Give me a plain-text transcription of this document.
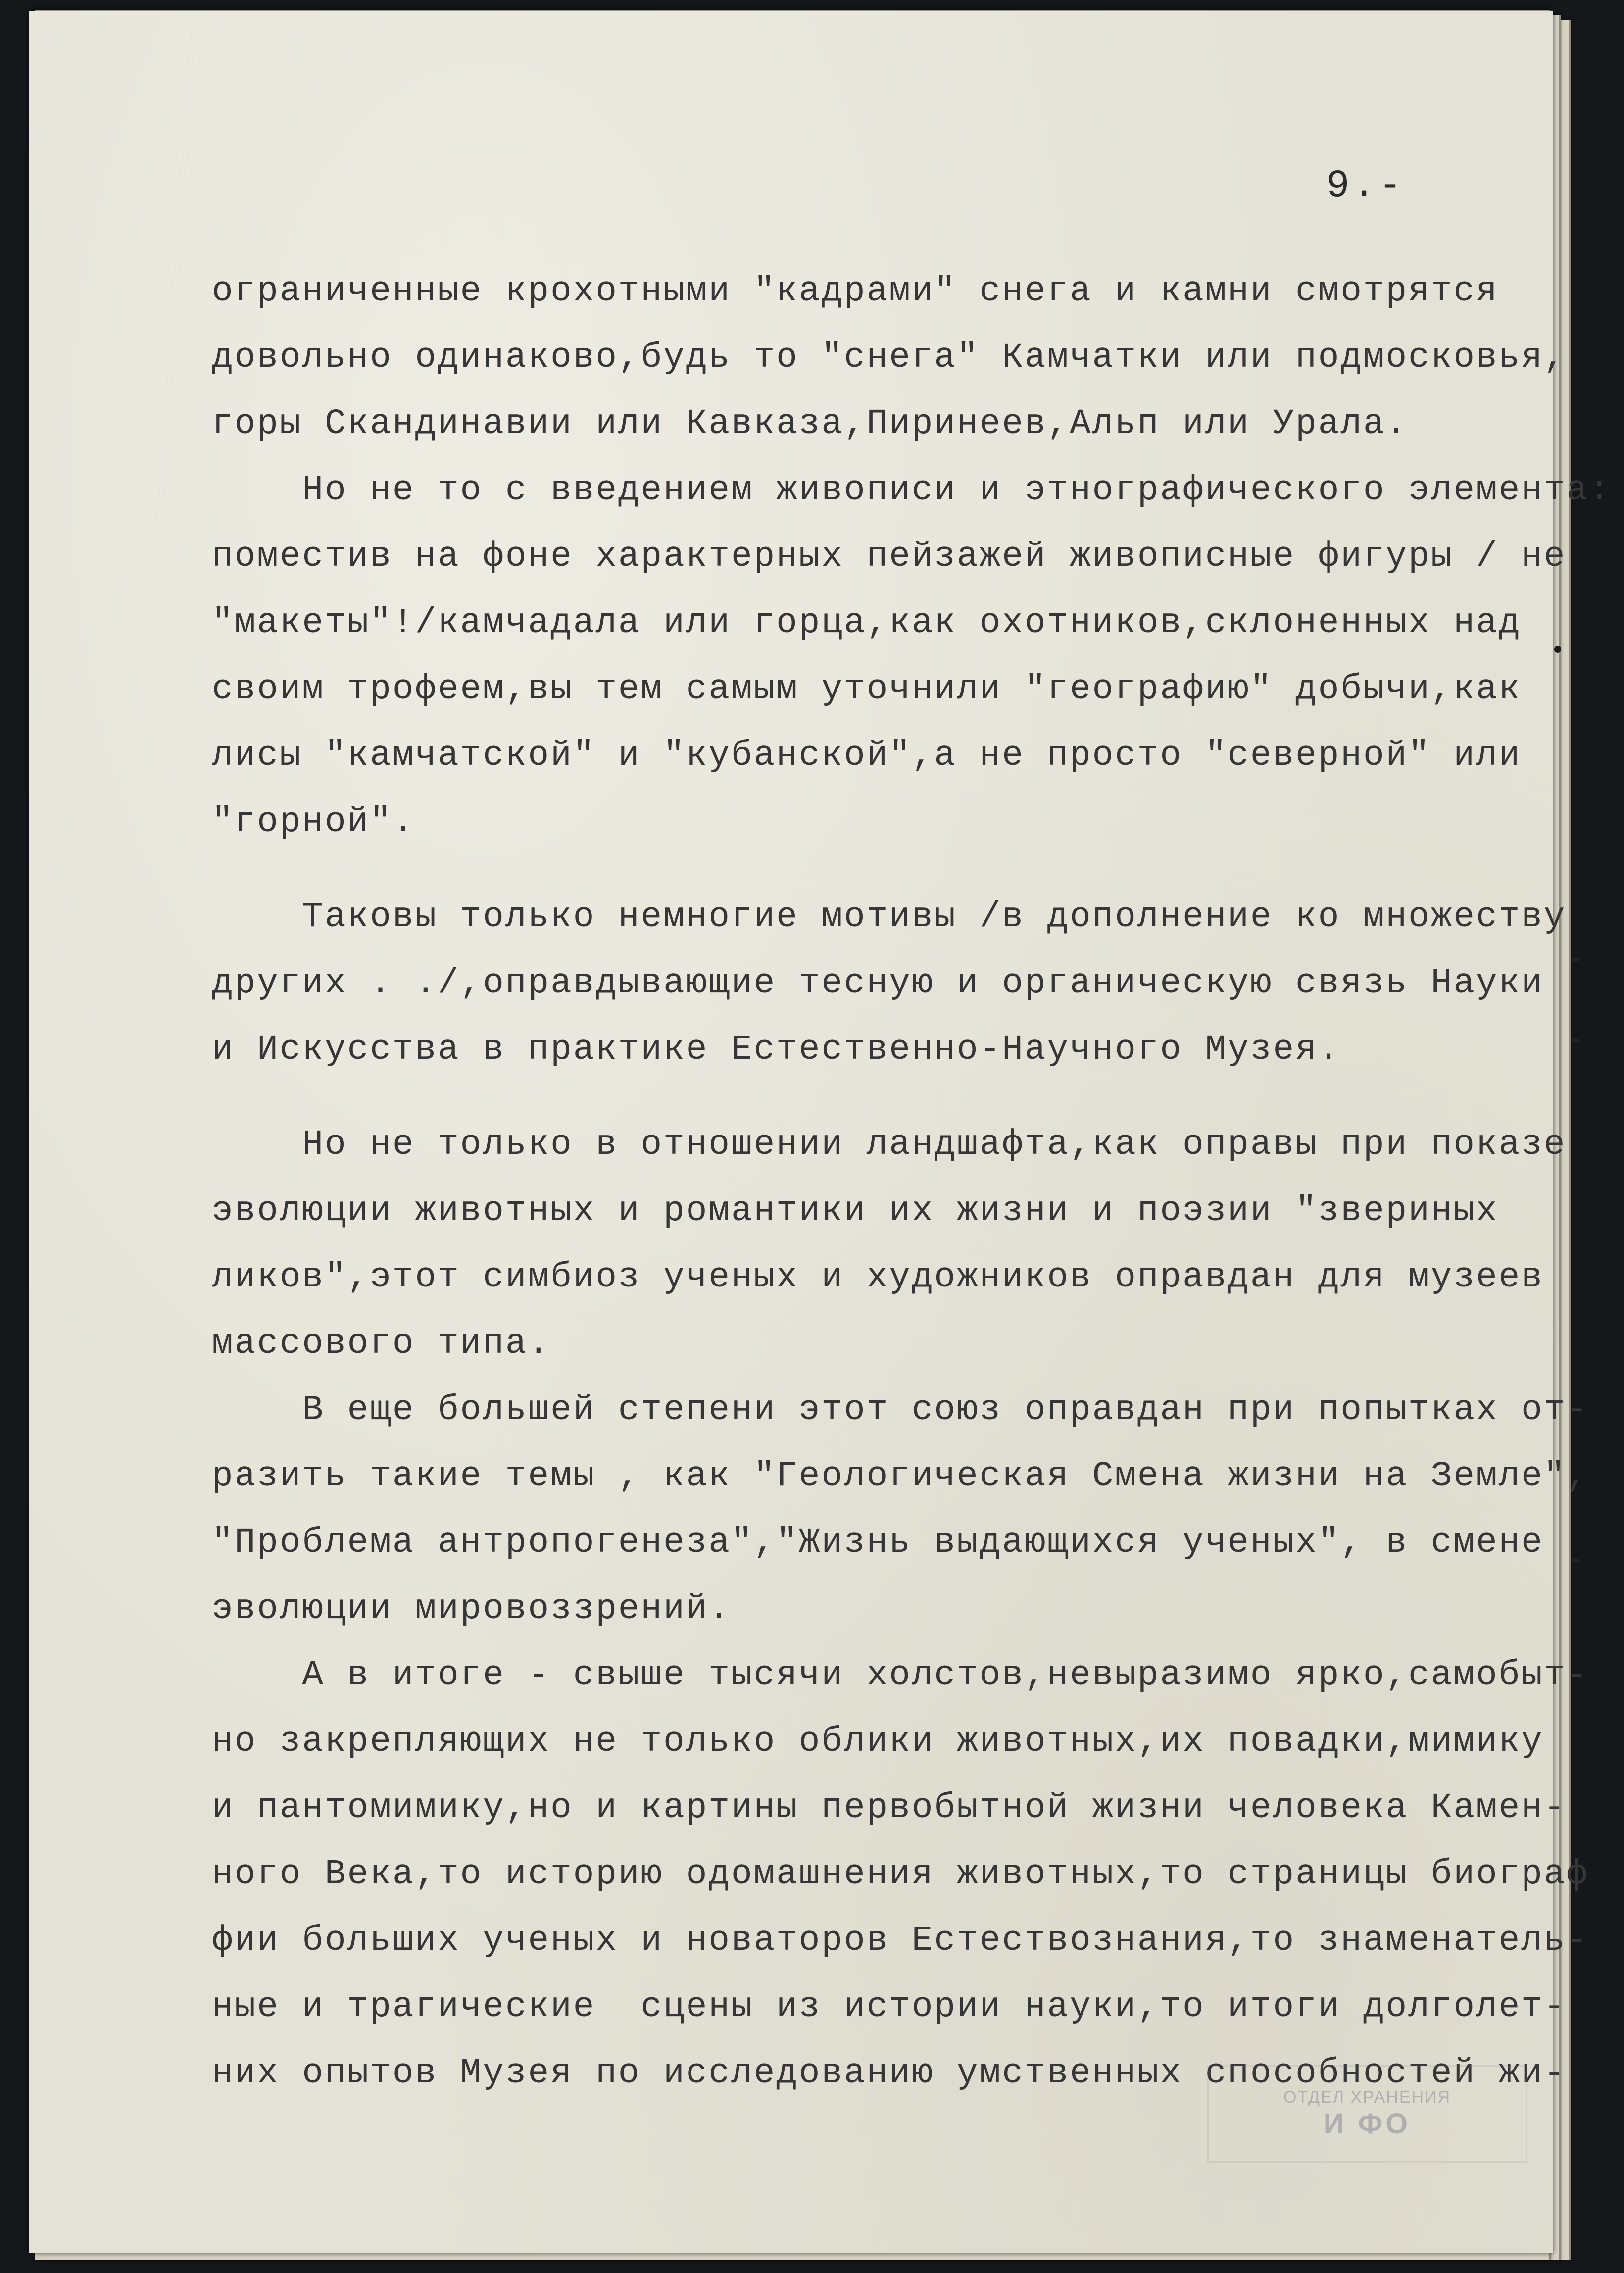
9.-
ограниченные крохотными "кадрами" снега и камни смотрятся
довольно одинаково,будь то "снега" Камчатки или подмосковья,
горы Скандинавии или Кавказа,Пиринеев,Альп или Урала.
Но не то с введением живописи и этнографического элемента:
поместив на фоне характерных пейзажей живописные фигуры / не
"макеты"!/камчадала или горца,как охотников,склоненных над
своим трофеем,вы тем самым уточнили "географию" добычи,как
лисы "камчатской" и "кубанской",а не просто "северной" или
"горной".
Таковы только немногие мотивы /в дополнение ко множеству
других . ./,оправдывающие тесную и органическую связь Науки
и Искусства в практике Естественно-Научного Музея.
Но не только в отношении ландшафта,как оправы при показе
эволюции животных и романтики их жизни и поэзии "звериных
ликов",этот симбиоз ученых и художников оправдан для музеев
массового типа.
В еще большей степени этот союз оправдан при попытках от-
разить такие темы , как "Геологическая Смена жизни на Земле",
"Проблема антропогенеза","Жизнь выдающихся ученых", в смене
эволюции мировоззрений.
А в итоге - свыше тысячи холстов,невыразимо ярко,самобыт-
но закрепляющих не только облики животных,их повадки,мимику
и пантомимику,но и картины первобытной жизни человека Камен-
ного Века,то историю одомашнения животных,то страницы биограф
фии больших ученых и новаторов Естествознания,то знаменатель-
ные и трагические  сцены из истории науки,то итоги долголет-
них опытов Музея по исследованию умственных способностей жи-
ОТДЕЛ ХРАНЕНИЯ
И ФО
